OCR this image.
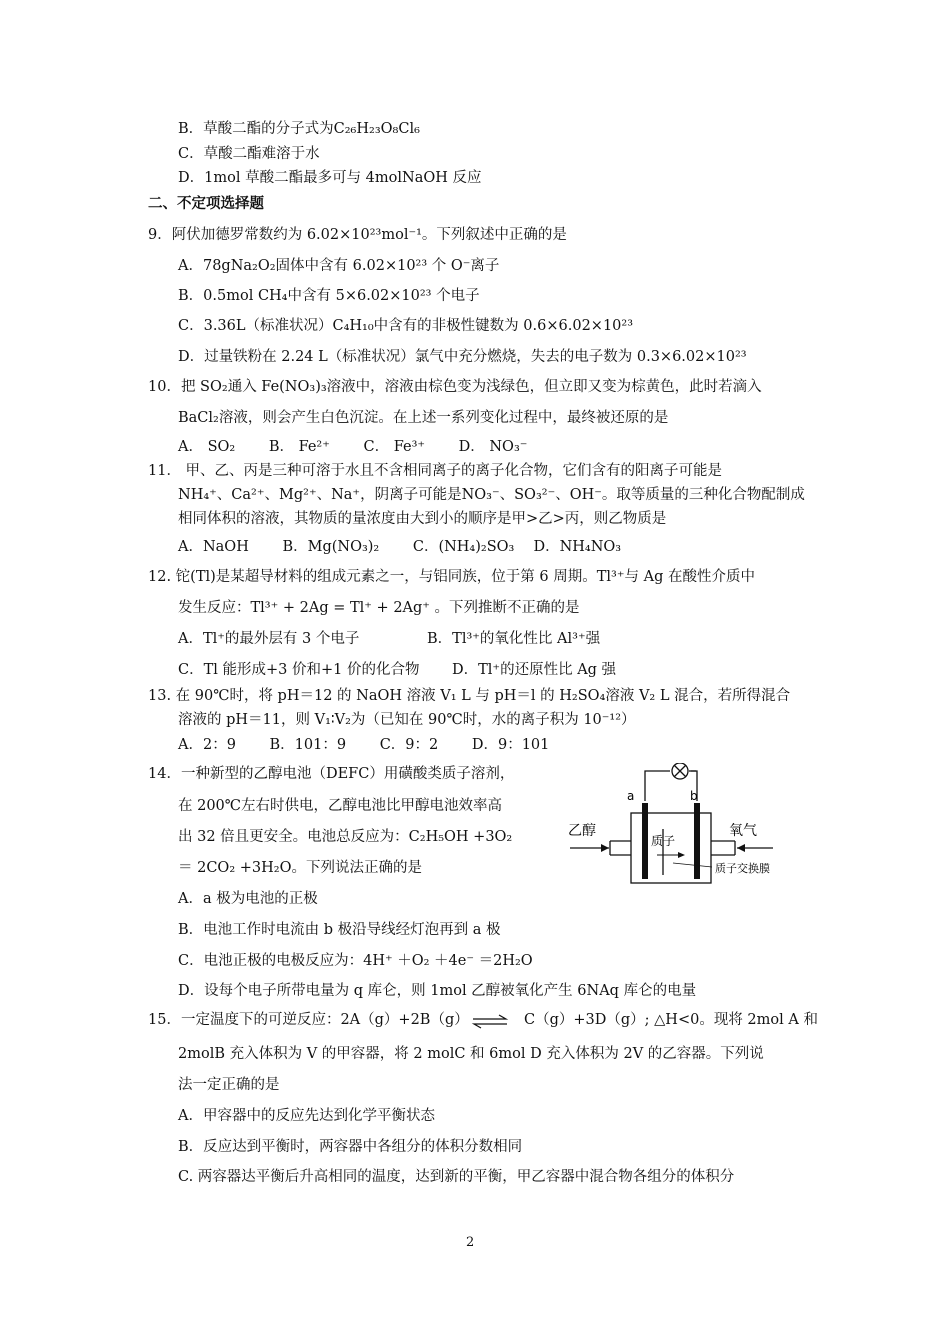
B．草酸二酯的分子式为C₂₆H₂₃O₈Cl₆
C．草酸二酯难溶于水
D．1mol 草酸二酯最多可与 4molNaOH 反应
二、不定项选择题
9．阿伏加德罗常数约为 6.02×10²³mol⁻¹。下列叙述中正确的是
A．78gNa₂O₂固体中含有 6.02×10²³ 个 O⁻离子
B．0.5mol CH₄中含有 5×6.02×10²³ 个电子
C．3.36L（标准状况）C₄H₁₀中含有的非极性键数为 0.6×6.02×10²³
D．过量铁粉在 2.24 L（标准状况）氯气中充分燃烧，失去的电子数为 0.3×6.02×10²³
10．把 SO₂通入 Fe(NO₃)₃溶液中，溶液由棕色变为浅绿色，但立即又变为棕黄色，此时若滴入
BaCl₂溶液，则会产生白色沉淀。在上述一系列变化过程中，最终被还原的是
A． SO₂　　 B． Fe²⁺　　 C． Fe³⁺　　 D． NO₃⁻
11． 甲、乙、丙是三种可溶于水且不含相同离子的离子化合物，它们含有的阳离子可能是
NH₄⁺、Ca²⁺、Mg²⁺、Na⁺，阴离子可能是NO₃⁻、SO₃²⁻、OH⁻。取等质量的三种化合物配制成
相同体积的溶液，其物质的量浓度由大到小的顺序是甲>乙>丙，则乙物质是
A．NaOH　　 B．Mg(NO₃)₂　　 C．(NH₄)₂SO₃　 D．NH₄NO₃
12. 铊(Tl)是某超导材料的组成元素之一，与铝同族，位于第 6 周期。Tl³⁺与 Ag 在酸性介质中
发生反应：Tl³⁺ + 2Ag = Tl⁺ + 2Ag⁺ 。下列推断不正确的是
A．Tl⁺的最外层有 3 个电子	B．Tl³⁺的氧化性比 Al³⁺强
C．Tl 能形成+3 价和+1 价的化合物 D．Tl⁺的还原性比 Ag 强
13. 在 90℃时，将 pH＝12 的 NaOH 溶液 V₁ L 与 pH＝l 的 H₂SO₄溶液 V₂ L 混合，若所得混合
溶液的 pH＝11，则 V₁∶V₂为（已知在 90℃时，水的离子积为 10⁻¹²）
A．2：9　　 B．101：9　　 C．9：2　　 D．9：101
14．一种新型的乙醇电池（DEFC）用磺酸类质子溶剂，
在 200℃左右时供电，乙醇电池比甲醇电池效率高
出 32 倍且更安全。电池总反应为：C₂H₅OH +3O₂
＝ 2CO₂ +3H₂O。下列说法正确的是
A．a 极为电池的正极
B．电池工作时电流由 b 极沿导线经灯泡再到 a 极
C．电池正极的电极反应为：4H⁺ ＋O₂ ＋4e⁻ ＝2H₂O
D．设每个电子所带电量为 q 库仑，则 1mol 乙醇被氧化产生 6NAq 库仑的电量
a	b
乙醇	氧气
质子
质子交换膜
15．一定温度下的可逆反应：2A（g）+2B（g） ⇌ C（g）+3D（g）; △H<0。现将 2mol A 和
2molB 充入体积为 V 的甲容器，将 2 molC 和 6mol D 充入体积为 2V 的乙容器。下列说
法一定正确的是
A．甲容器中的反应先达到化学平衡状态
B．反应达到平衡时，两容器中各组分的体积分数相同
C. 两容器达平衡后升高相同的温度，达到新的平衡，甲乙容器中混合物各组分的体积分
2
